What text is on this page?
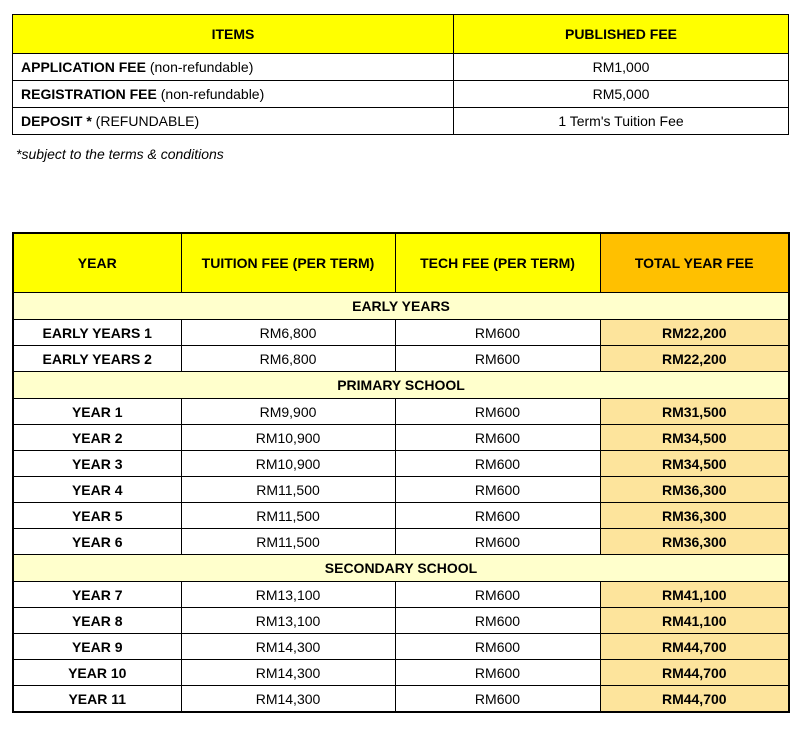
ITEMS	PUBLISHED FEE
APPLICATION FEE (non-refundable)	RM1,000
REGISTRATION FEE (non-refundable)	RM5,000
DEPOSIT * (REFUNDABLE)	1 Term's Tuition Fee
*subject to the terms & conditions
YEAR	TUITION FEE (PER TERM)	TECH FEE (PER TERM)	TOTAL YEAR FEE
EARLY YEARS			
EARLY YEARS 1	RM6,800	RM600	RM22,200
EARLY YEARS 2	RM6,800	RM600	RM22,200
PRIMARY SCHOOL			
YEAR 1	RM9,900	RM600	RM31,500
YEAR 2	RM10,900	RM600	RM34,500
YEAR 3	RM10,900	RM600	RM34,500
YEAR 4	RM11,500	RM600	RM36,300
YEAR 5	RM11,500	RM600	RM36,300
YEAR 6	RM11,500	RM600	RM36,300
SECONDARY SCHOOL			
YEAR 7	RM13,100	RM600	RM41,100
YEAR 8	RM13,100	RM600	RM41,100
YEAR 9	RM14,300	RM600	RM44,700
YEAR 10	RM14,300	RM600	RM44,700
YEAR 11	RM14,300	RM600	RM44,700
